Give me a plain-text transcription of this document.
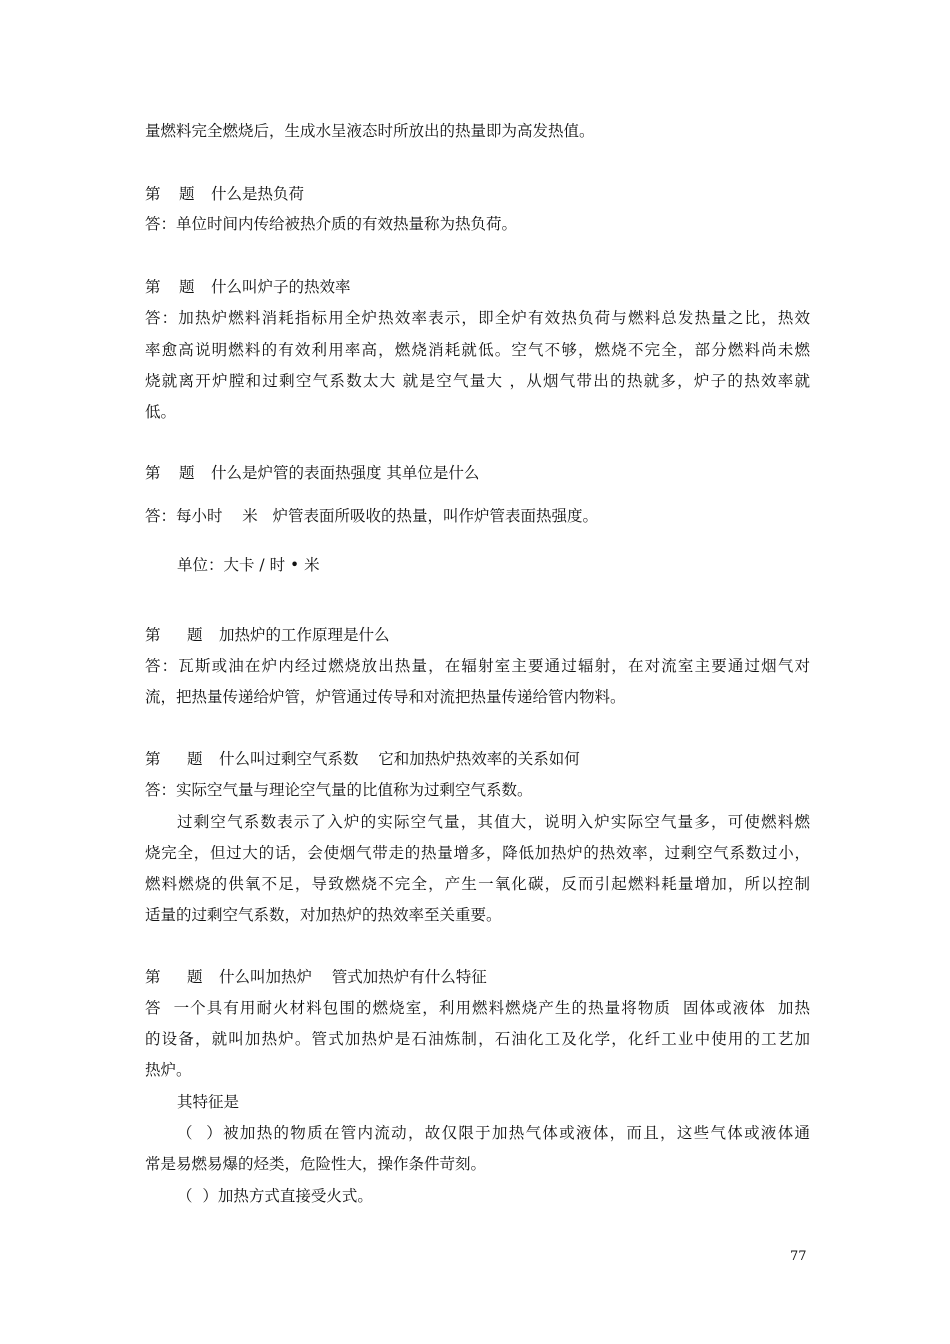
量燃料完全燃烧后，生成水呈液态时所放出的热量即为高发热值。
第 题 什么是热负荷
答：单位时间内传给被热介质的有效热量称为热负荷。
第 题 什么叫炉子的热效率
答：加热炉燃料消耗指标用全炉热效率表示，即全炉有效热负荷与燃料总发热量之比，热效
率愈高说明燃料的有效利用率高，燃烧消耗就低。空气不够，燃烧不完全，部分燃料尚未燃
烧就离开炉膛和过剩空气系数太大 就是空气量大 ，从烟气带出的热就多，炉子的热效率就
低。
第 题 什么是炉管的表面热强度 其单位是什么
答：每小时    米   炉管表面所吸收的热量，叫作炉管表面热强度。
单位：大卡 / 时 • 米
第 题 加热炉的工作原理是什么
答：瓦斯或油在炉内经过燃烧放出热量，在辐射室主要通过辐射，在对流室主要通过烟气对
流，把热量传递给炉管，炉管通过传导和对流把热量传递给管内物料。
第 题 什么叫过剩空气系数    它和加热炉热效率的关系如何
答：实际空气量与理论空气量的比值称为过剩空气系数。
过剩空气系数表示了入炉的实际空气量，其值大，说明入炉实际空气量多，可使燃料燃
烧完全，但过大的话，会使烟气带走的热量增多，降低加热炉的热效率，过剩空气系数过小，
燃料燃烧的供氧不足，导致燃烧不完全，产生一氧化碳，反而引起燃料耗量增加，所以控制
适量的过剩空气系数，对加热炉的热效率至关重要。
第 题 什么叫加热炉    管式加热炉有什么特征
答  一个具有用耐火材料包围的燃烧室，利用燃料燃烧产生的热量将物质  固体或液体  加热
的设备，就叫加热炉。管式加热炉是石油炼制，石油化工及化学，化纤工业中使用的工艺加
热炉。
其特征是
（  ）被加热的物质在管内流动，故仅限于加热气体或液体，而且，这些气体或液体通
常是易燃易爆的烃类，危险性大，操作条件苛刻。
（  ）加热方式直接受火式。
77
